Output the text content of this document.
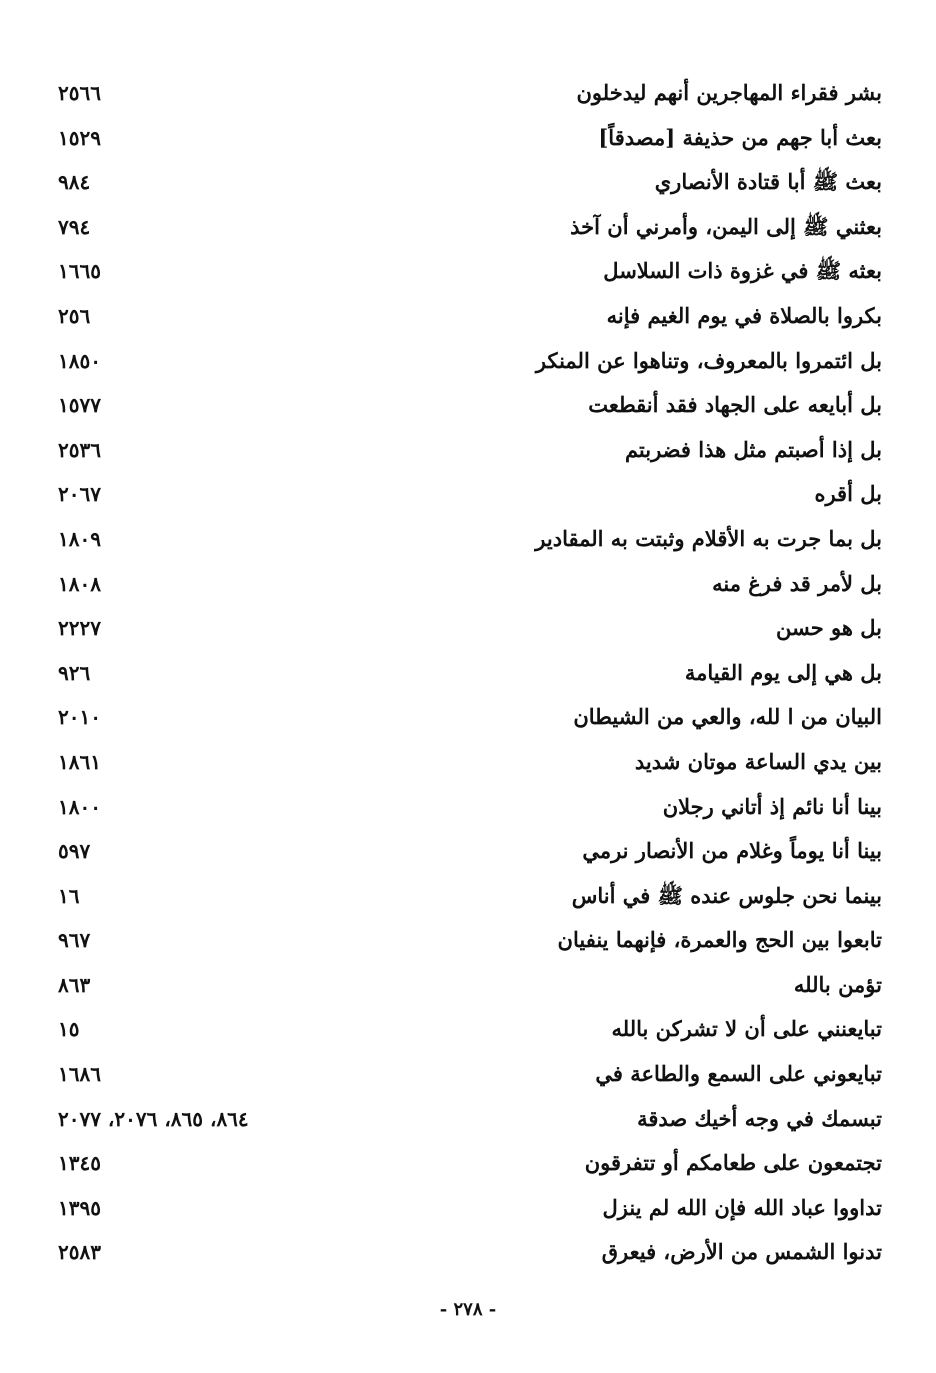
بشر فقراء المهاجرين أنهم ليدخلون
٢٥٦٦
بعث أبا جهم من حذيفة [مصدقاً]
١٥٢٩
بعث ﷺ أبا قتادة الأنصاري
٩٨٤
بعثني ﷺ إلى اليمن، وأمرني أن آخذ
٧٩٤
بعثه ﷺ في غزوة ذات السلاسل
١٦٦٥
بكروا بالصلاة في يوم الغيم فإنه
٢٥٦
بل ائتمروا بالمعروف، وتناهوا عن المنكر
١٨٥٠
بل أبايعه على الجهاد فقد أنقطعت
١٥٧٧
بل إذا أصبتم مثل هذا فضربتم
٢٥٣٦
بل أقره
٢٠٦٧
بل بما جرت به الأقلام وثبتت به المقادير
١٨٠٩
بل لأمر قد فرغ منه
١٨٠٨
بل هو حسن
٢٢٢٧
بل هي إلى يوم القيامة
٩٢٦
البيان من ا لله، والعي من الشيطان
٢٠١٠
بين يدي الساعة موتان شديد
١٨٦١
بينا أنا نائم إذ أتاني رجلان
١٨٠٠
بينا أنا يوماً وغلام من الأنصار نرمي
٥٩٧
بينما نحن جلوس عنده ﷺ في أناس
١٦
تابعوا بين الحج والعمرة، فإنهما ينفيان
٩٦٧
تؤمن بالله
٨٦٣
تبايعنني على أن لا تشركن بالله
١٥
تبايعوني على السمع والطاعة في
١٦٨٦
تبسمك في وجه أخيك صدقة
٨٦٤، ٨٦٥، ٢٠٧٦، ٢٠٧٧
تجتمعون على طعامكم أو تتفرقون
١٣٤٥
تداووا عباد الله فإن الله لم ينزل
١٣٩٥
تدنوا الشمس من الأرض، فيعرق
٢٥٨٣
- ٢٧٨ -
